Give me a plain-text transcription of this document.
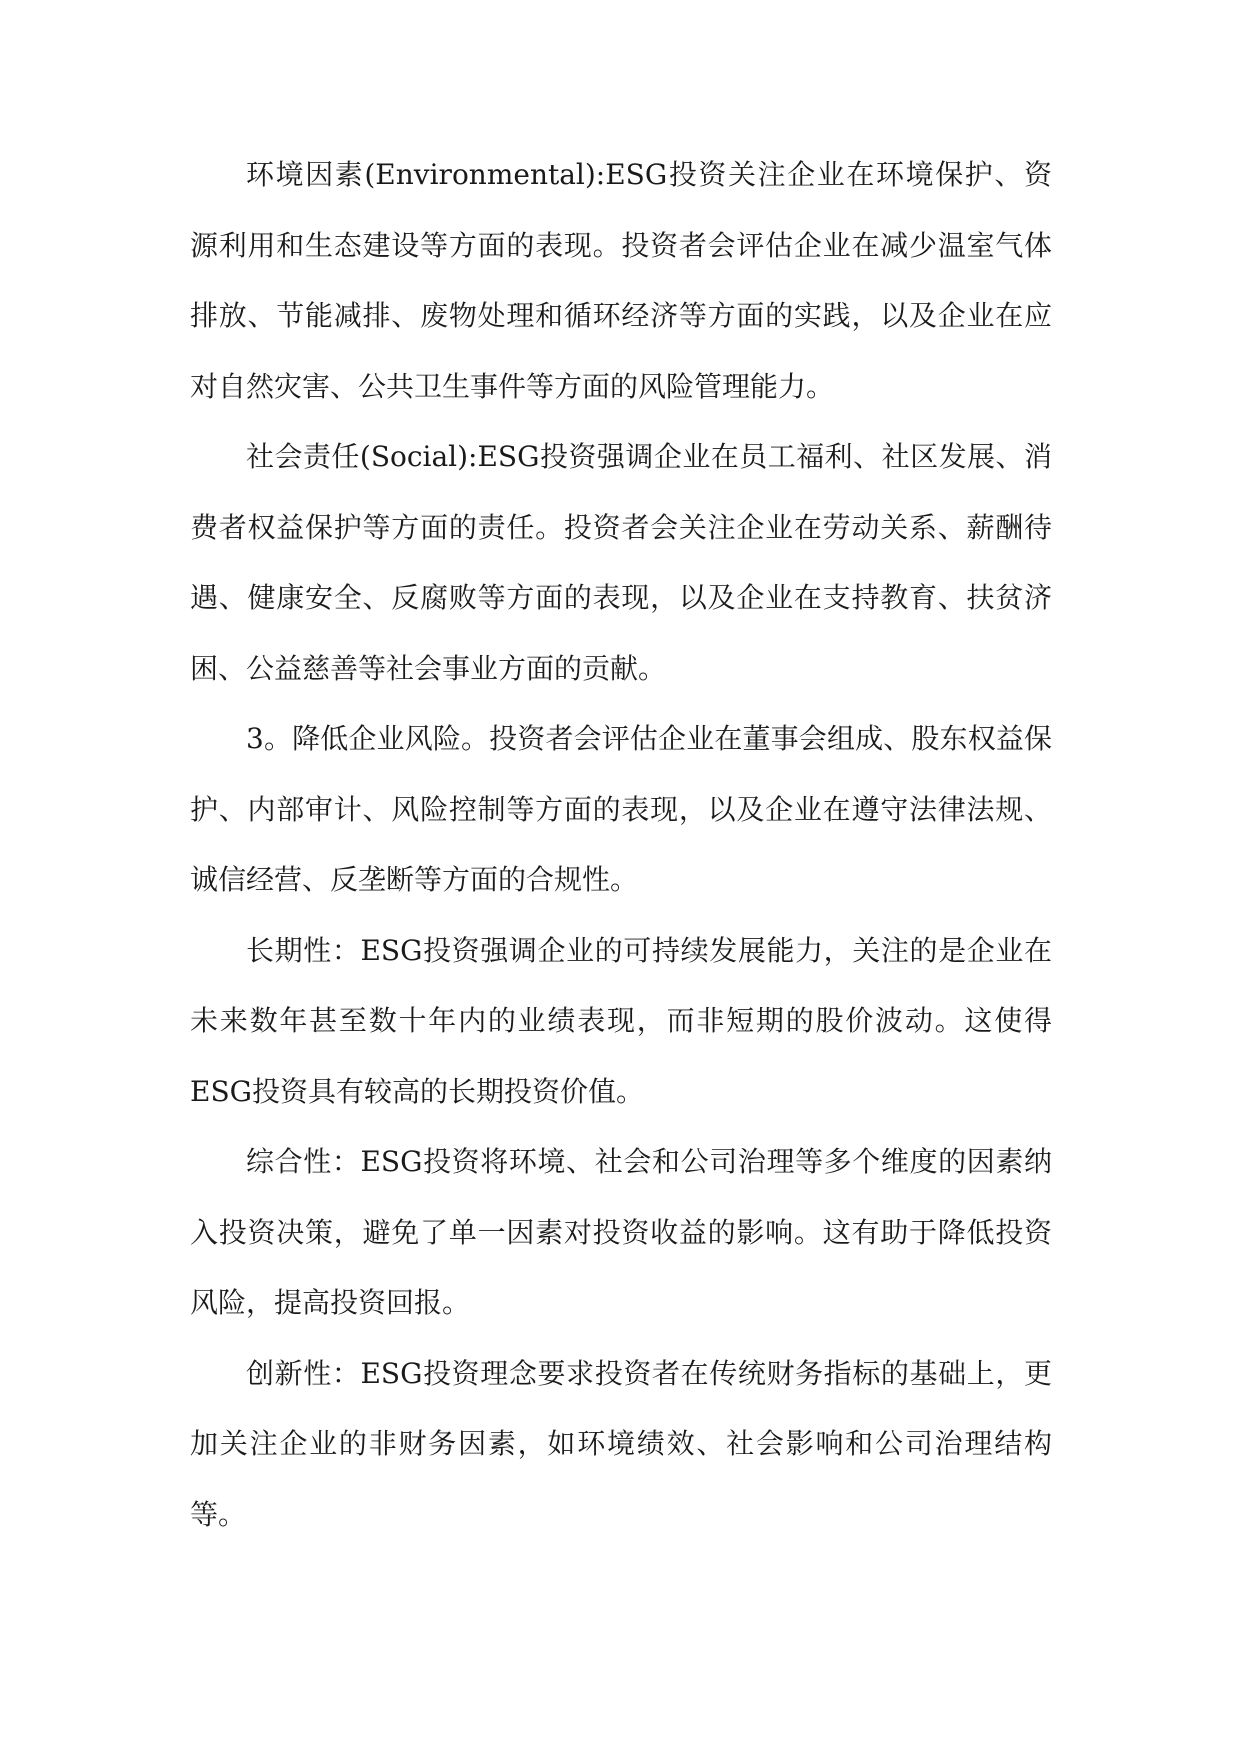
环境因素(Environmental):ESG投资关注企业在环境保护、资源利用和生态建设等方面的表现。投资者会评估企业在减少温室气体排放、节能减排、废物处理和循环经济等方面的实践，以及企业在应对自然灾害、公共卫生事件等方面的风险管理能力。

社会责任(Social):ESG投资强调企业在员工福利、社区发展、消费者权益保护等方面的责任。投资者会关注企业在劳动关系、薪酬待遇、健康安全、反腐败等方面的表现，以及企业在支持教育、扶贫济困、公益慈善等社会事业方面的贡献。

3。降低企业风险。投资者会评估企业在董事会组成、股东权益保护、内部审计、风险控制等方面的表现，以及企业在遵守法律法规、诚信经营、反垄断等方面的合规性。

长期性：ESG投资强调企业的可持续发展能力，关注的是企业在未来数年甚至数十年内的业绩表现，而非短期的股价波动。这使得ESG投资具有较高的长期投资价值。

综合性：ESG投资将环境、社会和公司治理等多个维度的因素纳入投资决策，避免了单一因素对投资收益的影响。这有助于降低投资风险，提高投资回报。

创新性：ESG投资理念要求投资者在传统财务指标的基础上，更加关注企业的非财务因素，如环境绩效、社会影响和公司治理结构等。
